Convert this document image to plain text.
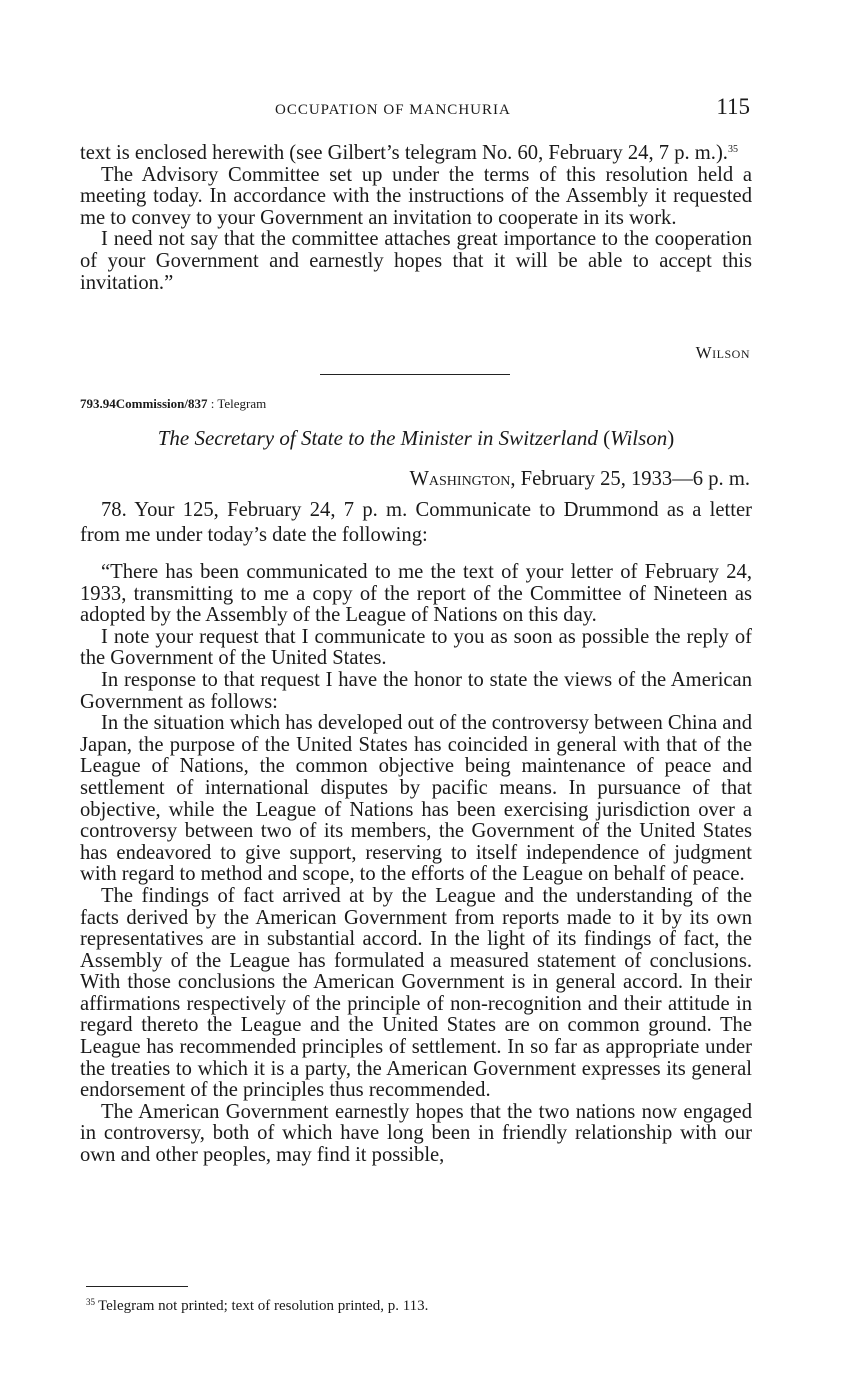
OCCUPATION OF MANCHURIA	115

text is enclosed herewith (see Gilbert’s telegram No. 60, February 24, 7 p. m.).$^{35}$

The Advisory Committee set up under the terms of this resolution held a meeting today. In accordance with the instructions of the Assembly it requested me to convey to your Government an invitation to cooperate in its work.

I need not say that the committee attaches great importance to the cooperation of your Government and earnestly hopes that it will be able to accept this invitation.”

Wilson
793.94Commission/837 : Telegram
The Secretary of State to the Minister in Switzerland (Wilson)
Washington, February 25, 1933—6 p. m.

78. Your 125, February 24, 7 p. m. Communicate to Drummond as a letter from me under today’s date the following:

“There has been communicated to me the text of your letter of February 24, 1933, transmitting to me a copy of the report of the Committee of Nineteen as adopted by the Assembly of the League of Nations on this day.

I note your request that I communicate to you as soon as possible the reply of the Government of the United States.

In response to that request I have the honor to state the views of the American Government as follows:

In the situation which has developed out of the controversy between China and Japan, the purpose of the United States has coincided in general with that of the League of Nations, the common objective being maintenance of peace and settlement of international disputes by pacific means. In pursuance of that objective, while the League of Nations has been exercising jurisdiction over a controversy between two of its members, the Government of the United States has endeavored to give support, reserving to itself independence of judgment with regard to method and scope, to the efforts of the League on behalf of peace.

The findings of fact arrived at by the League and the understanding of the facts derived by the American Government from reports made to it by its own representatives are in substantial accord. In the light of its findings of fact, the Assembly of the League has formulated a measured statement of conclusions. With those conclusions the American Government is in general accord. In their affirmations respectively of the principle of non-recognition and their attitude in regard thereto the League and the United States are on common ground. The League has recommended principles of settlement. In so far as appropriate under the treaties to which it is a party, the American Government expresses its general endorsement of the principles thus recommended.

The American Government earnestly hopes that the two nations now engaged in controversy, both of which have long been in friendly relationship with our own and other peoples, may find it possible,

$^{35}$ Telegram not printed; text of resolution printed, p. 113.
